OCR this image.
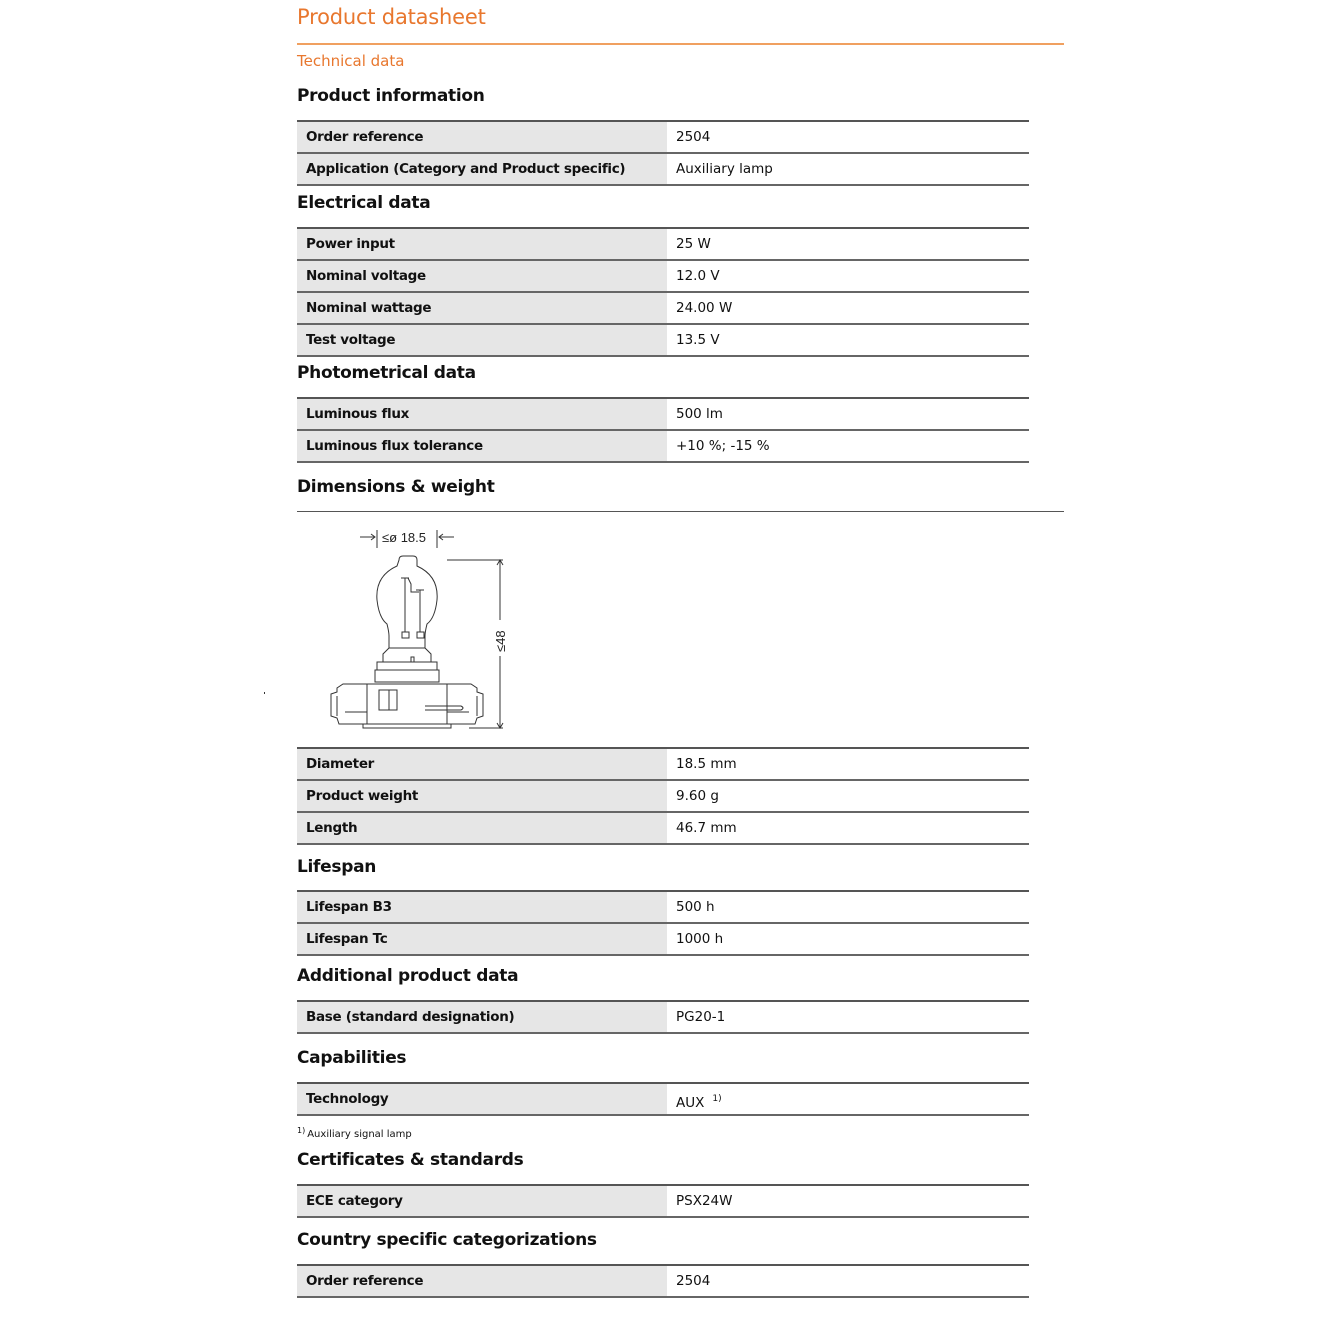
Product datasheet
Technical data
Product information
Order reference	2504
Application (Category and Product specific)	Auxiliary lamp
Electrical data
Power input	25 W
Nominal voltage	12.0 V
Nominal wattage	24.00 W
Test voltage	13.5 V
Photometrical data
Luminous flux	500 lm
Luminous flux tolerance	+10 %; -15 %
Dimensions & weight
≤ø 18.5
≤48
Diameter	18.5 mm
Product weight	9.60 g
Length	46.7 mm
Lifespan
Lifespan B3	500 h
Lifespan Tc	1000 h
Additional product data
Base (standard designation)	PG20-1
Capabilities
Technology	AUX $^{1)}$
$^{1)}$ Auxiliary signal lamp
Certificates & standards
ECE category	PSX24W
Country specific categorizations
Order reference	2504
